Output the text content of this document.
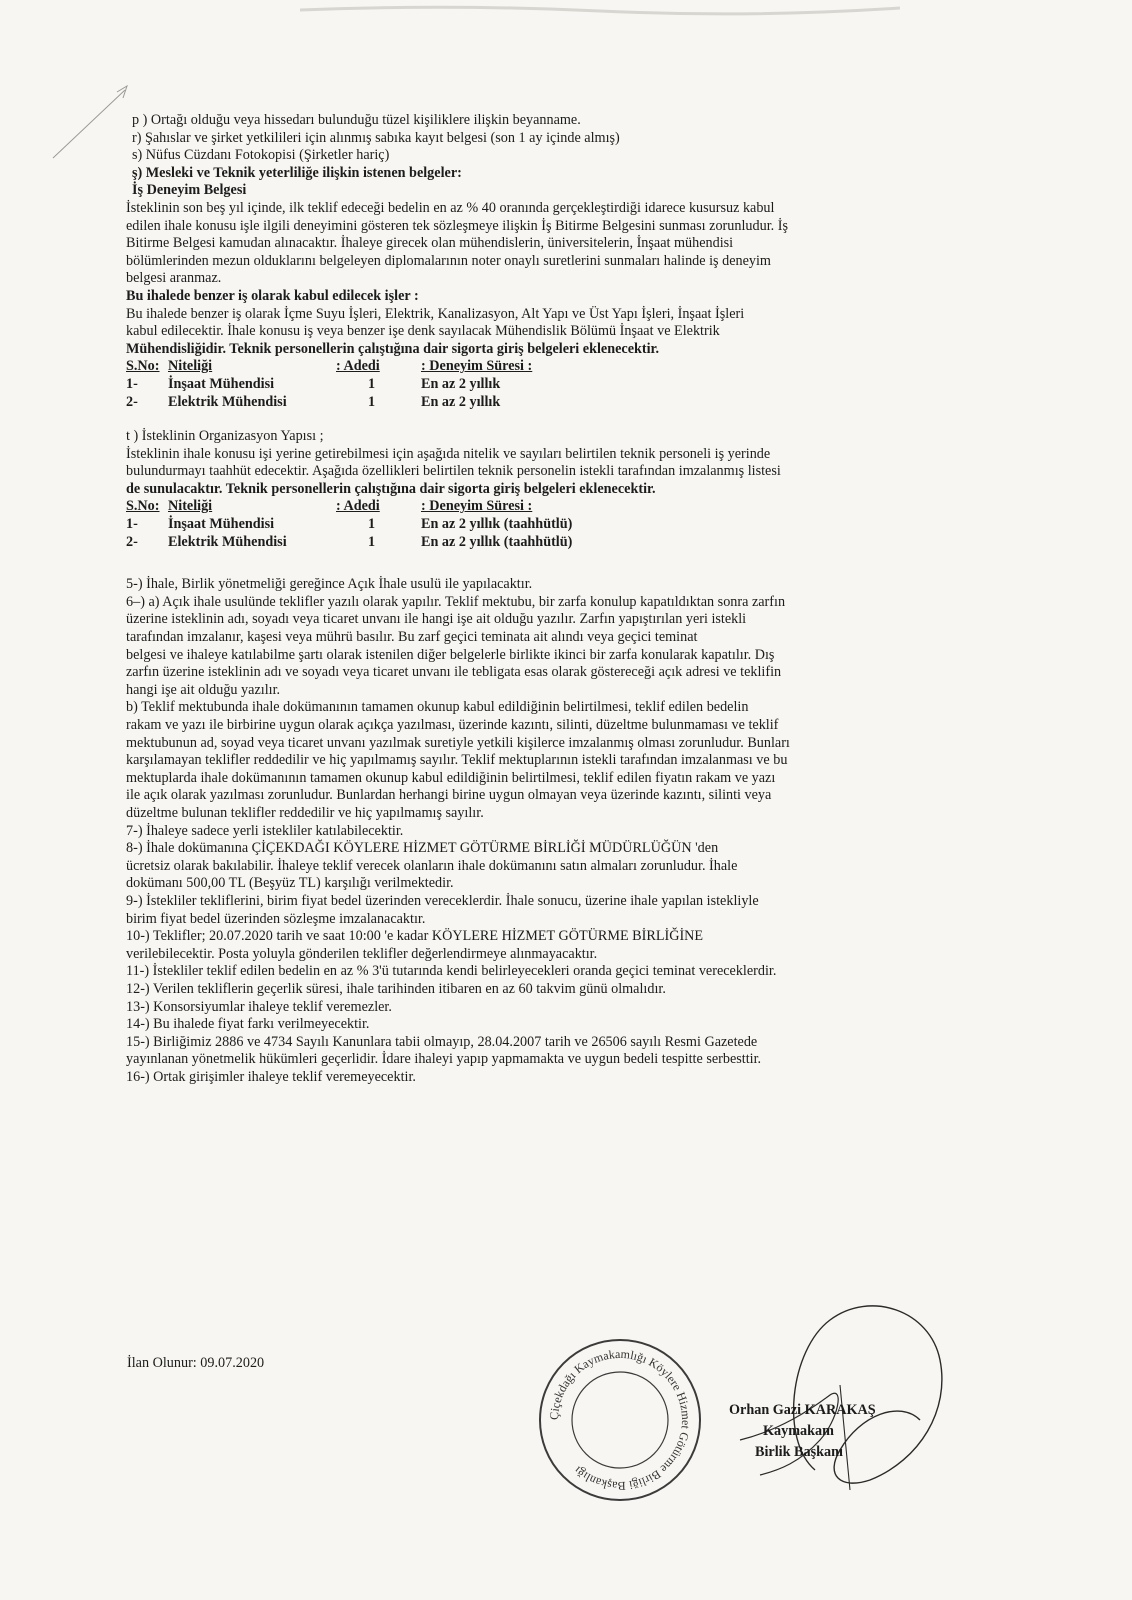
p ) Ortağı olduğu veya hissedarı bulunduğu tüzel kişiliklere ilişkin beyanname.
r) Şahıslar ve şirket yetkilileri için alınmış sabıka kayıt belgesi (son 1 ay içinde almış)
s) Nüfus Cüzdanı Fotokopisi (Şirketler hariç)
ş) Mesleki ve Teknik yeterliliğe ilişkin istenen belgeler:
İş Deneyim Belgesi
İsteklinin son beş yıl içinde, ilk teklif edeceği bedelin en az % 40 oranında gerçekleştirdiği idarece kusursuz kabul
edilen ihale konusu işle ilgili deneyimini gösteren tek sözleşmeye ilişkin İş Bitirme Belgesini sunması zorunludur. İş
Bitirme Belgesi kamudan alınacaktır. İhaleye girecek olan mühendislerin, üniversitelerin, İnşaat mühendisi
bölümlerinden mezun olduklarını belgeleyen diplomalarının noter onaylı suretlerini sunmaları halinde iş deneyim
belgesi aranmaz.
Bu ihalede benzer iş olarak kabul edilecek işler :
Bu ihalede benzer iş olarak İçme Suyu İşleri, Elektrik, Kanalizasyon, Alt Yapı ve Üst Yapı İşleri, İnşaat İşleri
kabul edilecektir. İhale konusu iş veya benzer işe denk sayılacak Mühendislik Bölümü İnşaat ve Elektrik
Mühendisliğidir. Teknik personellerin çalıştığına dair sigorta giriş belgeleri eklenecektir.
S.No: Niteliği	: Adedi	: Deneyim Süresi :
1-	İnşaat Mühendisi	1	En az 2 yıllık
2-	Elektrik Mühendisi	1	En az 2 yıllık
t ) İsteklinin Organizasyon Yapısı ;
İsteklinin ihale konusu işi yerine getirebilmesi için aşağıda nitelik ve sayıları belirtilen teknik personeli iş yerinde
bulundurmayı taahhüt edecektir. Aşağıda özellikleri belirtilen teknik personelin istekli tarafından imzalanmış listesi
de sunulacaktır. Teknik personellerin çalıştığına dair sigorta giriş belgeleri eklenecektir.
S.No: Niteliği	: Adedi	: Deneyim Süresi :
1-	İnşaat Mühendisi	1	En az 2 yıllık (taahhütlü)
2-	Elektrik Mühendisi	1	En az 2 yıllık (taahhütlü)
5-) İhale, Birlik yönetmeliği gereğince Açık İhale usulü ile yapılacaktır.
6–) a) Açık ihale usulünde teklifler yazılı olarak yapılır. Teklif mektubu, bir zarfa konulup kapatıldıktan sonra zarfın
üzerine isteklinin adı, soyadı veya ticaret unvanı ile hangi işe ait olduğu yazılır. Zarfın yapıştırılan yeri istekli
tarafından imzalanır, kaşesi veya mührü basılır. Bu zarf geçici teminata ait alındı veya geçici teminat
belgesi ve ihaleye katılabilme şartı olarak istenilen diğer belgelerle birlikte ikinci bir zarfa konularak kapatılır. Dış
zarfın üzerine isteklinin adı ve soyadı veya ticaret unvanı ile tebligata esas olarak göstereceği açık adresi ve teklifin
hangi işe ait olduğu yazılır.
b) Teklif mektubunda ihale dokümanının tamamen okunup kabul edildiğinin belirtilmesi, teklif edilen bedelin
rakam ve yazı ile birbirine uygun olarak açıkça yazılması, üzerinde kazıntı, silinti, düzeltme bulunmaması ve teklif
mektubunun ad, soyad veya ticaret unvanı yazılmak suretiyle yetkili kişilerce imzalanmış olması zorunludur. Bunları
karşılamayan teklifler reddedilir ve hiç yapılmamış sayılır. Teklif mektuplarının istekli tarafından imzalanması ve bu
mektuplarda ihale dokümanının tamamen okunup kabul edildiğinin belirtilmesi, teklif edilen fiyatın rakam ve yazı
ile açık olarak yazılması zorunludur. Bunlardan herhangi birine uygun olmayan veya üzerinde kazıntı, silinti veya
düzeltme bulunan teklifler reddedilir ve hiç yapılmamış sayılır.
7-) İhaleye sadece yerli istekliler katılabilecektir.
8-) İhale dokümanına ÇİÇEKDAĞI KÖYLERE HİZMET GÖTÜRME BİRLİĞİ MÜDÜRLÜĞÜN 'den
ücretsiz olarak bakılabilir. İhaleye teklif verecek olanların ihale dokümanını satın almaları zorunludur. İhale
dokümanı 500,00 TL (Beşyüz TL) karşılığı verilmektedir.
9-) İstekliler tekliflerini, birim fiyat bedel üzerinden vereceklerdir. İhale sonucu, üzerine ihale yapılan istekliyle
birim fiyat bedel üzerinden sözleşme imzalanacaktır.
10-) Teklifler; 20.07.2020 tarih ve saat 10:00 'e kadar KÖYLERE HİZMET GÖTÜRME BİRLİĞİNE
verilebilecektir. Posta yoluyla gönderilen teklifler değerlendirmeye alınmayacaktır.
11-) İstekliler teklif edilen bedelin en az % 3'ü tutarında kendi belirleyecekleri oranda geçici teminat vereceklerdir.
12-) Verilen tekliflerin geçerlik süresi, ihale tarihinden itibaren en az 60 takvim günü olmalıdır.
13-) Konsorsiyumlar ihaleye teklif veremezler.
14-) Bu ihalede fiyat farkı verilmeyecektir.
15-) Birliğimiz 2886 ve 4734 Sayılı Kanunlara tabii olmayıp, 28.04.2007 tarih ve 26506 sayılı Resmi Gazetede
yayınlanan yönetmelik hükümleri geçerlidir. İdare ihaleyi yapıp yapmamakta ve uygun bedeli tespitte serbesttir.
16-) Ortak girişimler ihaleye teklif veremeyecektir.
İlan Olunur: 09.07.2020
Çiçekdağı Kaymakamlığı Köylere Hizmet Götürme Birliği Başkanlığı
Orhan Gazi KARAKAŞ
Kaymakam
Birlik Başkanı
